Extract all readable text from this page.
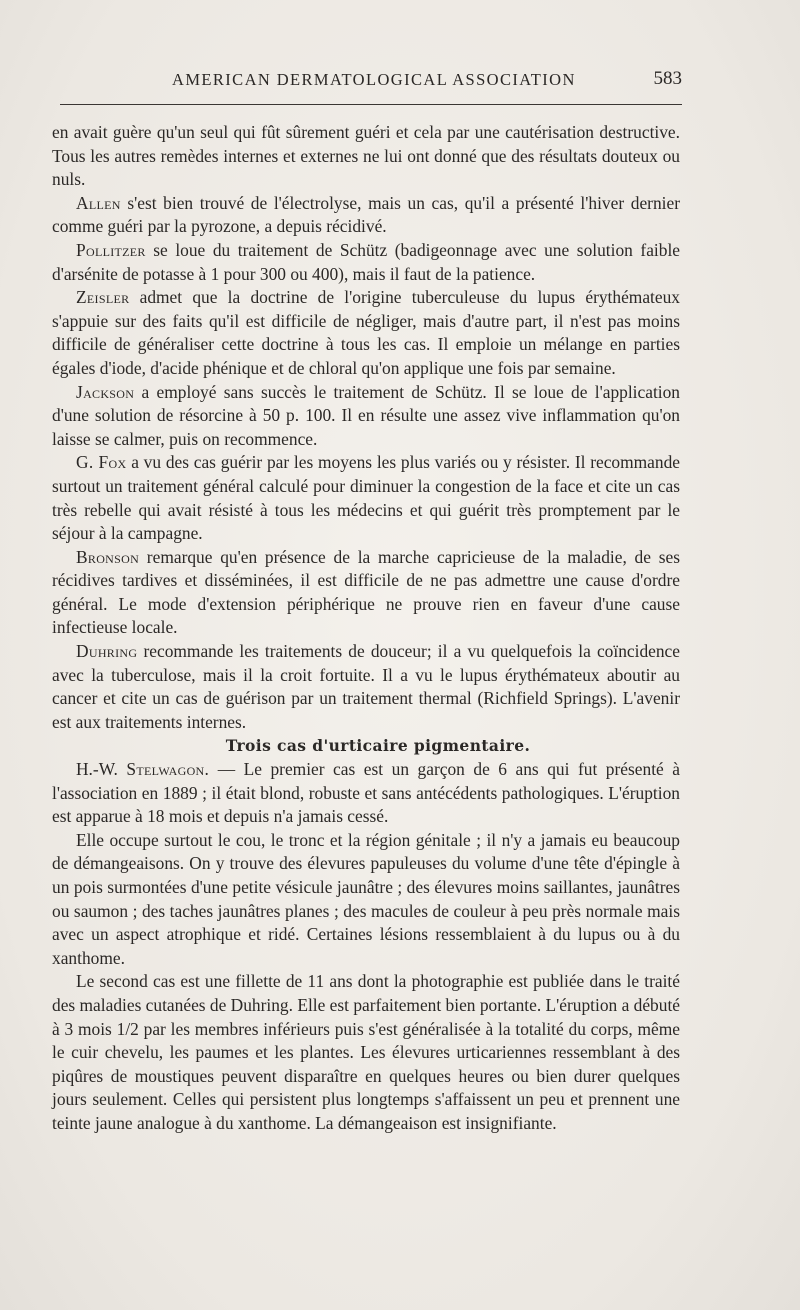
AMERICAN DERMATOLOGICAL ASSOCIATION	583

en avait guère qu'un seul qui fût sûrement guéri et cela par une cautérisation destructive. Tous les autres remèdes internes et externes ne lui ont donné que des résultats douteux ou nuls.

Allen s'est bien trouvé de l'électrolyse, mais un cas, qu'il a présenté l'hiver dernier comme guéri par la pyrozone, a depuis récidivé.

Pollitzer se loue du traitement de Schütz (badigeonnage avec une solution faible d'arsénite de potasse à 1 pour 300 ou 400), mais il faut de la patience.

Zeisler admet que la doctrine de l'origine tuberculeuse du lupus érythémateux s'appuie sur des faits qu'il est difficile de négliger, mais d'autre part, il n'est pas moins difficile de généraliser cette doctrine à tous les cas. Il emploie un mélange en parties égales d'iode, d'acide phénique et de chloral qu'on applique une fois par semaine.

Jackson a employé sans succès le traitement de Schütz. Il se loue de l'application d'une solution de résorcine à 50 p. 100. Il en résulte une assez vive inflammation qu'on laisse se calmer, puis on recommence.

G. Fox a vu des cas guérir par les moyens les plus variés ou y résister. Il recommande surtout un traitement général calculé pour diminuer la congestion de la face et cite un cas très rebelle qui avait résisté à tous les médecins et qui guérit très promptement par le séjour à la campagne.

Bronson remarque qu'en présence de la marche capricieuse de la maladie, de ses récidives tardives et disséminées, il est difficile de ne pas admettre une cause d'ordre général. Le mode d'extension périphérique ne prouve rien en faveur d'une cause infectieuse locale.

Duhring recommande les traitements de douceur; il a vu quelquefois la coïncidence avec la tuberculose, mais il la croit fortuite. Il a vu le lupus érythémateux aboutir au cancer et cite un cas de guérison par un traitement thermal (Richfield Springs). L'avenir est aux traitements internes.

Trois cas d'urticaire pigmentaire.

H.-W. Stelwagon. — Le premier cas est un garçon de 6 ans qui fut présenté à l'association en 1889 ; il était blond, robuste et sans antécédents pathologiques. L'éruption est apparue à 18 mois et depuis n'a jamais cessé.

Elle occupe surtout le cou, le tronc et la région génitale ; il n'y a jamais eu beaucoup de démangeaisons. On y trouve des élevures papuleuses du volume d'une tête d'épingle à un pois surmontées d'une petite vésicule jaunâtre ; des élevures moins saillantes, jaunâtres ou saumon ; des taches jaunâtres planes ; des macules de couleur à peu près normale mais avec un aspect atrophique et ridé. Certaines lésions ressemblaient à du lupus ou à du xanthome.

Le second cas est une fillette de 11 ans dont la photographie est publiée dans le traité des maladies cutanées de Duhring. Elle est parfaitement bien portante. L'éruption a débuté à 3 mois 1/2 par les membres inférieurs puis s'est généralisée à la totalité du corps, même le cuir chevelu, les paumes et les plantes. Les élevures urticariennes ressemblant à des piqûres de moustiques peuvent disparaître en quelques heures ou bien durer quelques jours seulement. Celles qui persistent plus longtemps s'affaissent un peu et prennent une teinte jaune analogue à du xanthome. La démangeaison est insignifiante.
